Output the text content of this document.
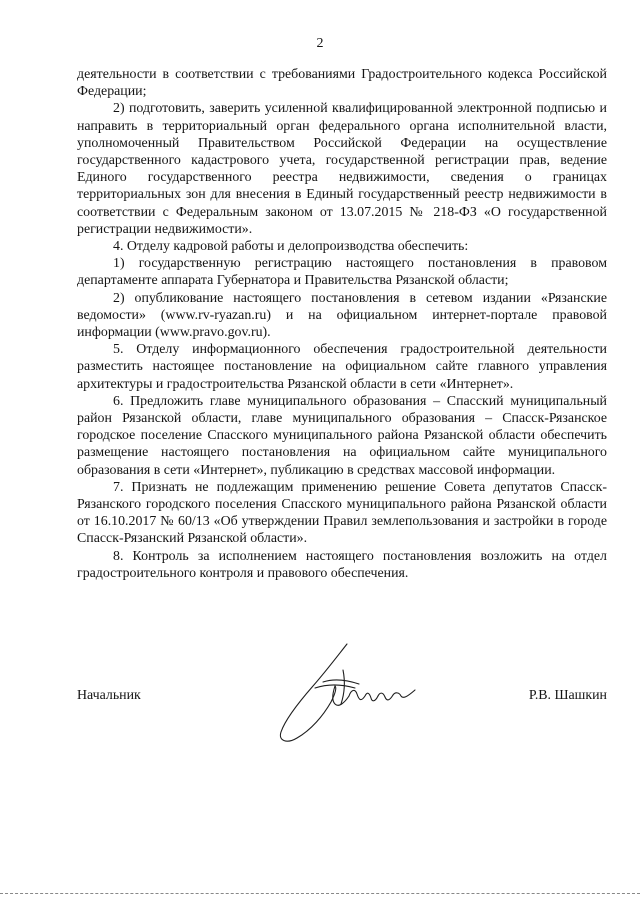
2

деятельности в соответствии с требованиями Градостроительного кодекса Российской Федерации;

2) подготовить, заверить усиленной квалифицированной электронной подписью и направить в территориальный орган федерального органа исполнительной власти, уполномоченный Правительством Российской Федерации на осуществление государственного кадастрового учета, государственной регистрации прав, ведение Единого государственного реестра недвижимости, сведения о границах территориальных зон для внесения в Единый государственный реестр недвижимости в соответствии с Федеральным законом от 13.07.2015 № 218-ФЗ «О государственной регистрации недвижимости».

4. Отделу кадровой работы и делопроизводства обеспечить:

1) государственную регистрацию настоящего постановления в правовом департаменте аппарата Губернатора и Правительства Рязанской области;

2) опубликование настоящего постановления в сетевом издании «Рязанские ведомости» (www.rv-ryazan.ru) и на официальном интернет-портале правовой информации (www.pravo.gov.ru).

5. Отделу информационного обеспечения градостроительной деятельности разместить настоящее постановление на официальном сайте главного управления архитектуры и градостроительства Рязанской области в сети «Интернет».

6. Предложить главе муниципального образования – Спасский муниципальный район Рязанской области, главе муниципального образования – Спасск-Рязанское городское поселение Спасского муниципального района Рязанской области обеспечить размещение настоящего постановления на официальном сайте муниципального образования в сети «Интернет», публикацию в средствах массовой информации.

7. Признать не подлежащим применению решение Совета депутатов Спасск-Рязанского городского поселения Спасского муниципального района Рязанской области от 16.10.2017 № 60/13 «Об утверждении Правил землепользования и застройки в городе Спасск-Рязанский Рязанской области».

8. Контроль за исполнением настоящего постановления возложить на отдел градостроительного контроля и правового обеспечения.

Начальник	Р.В. Шашкин
